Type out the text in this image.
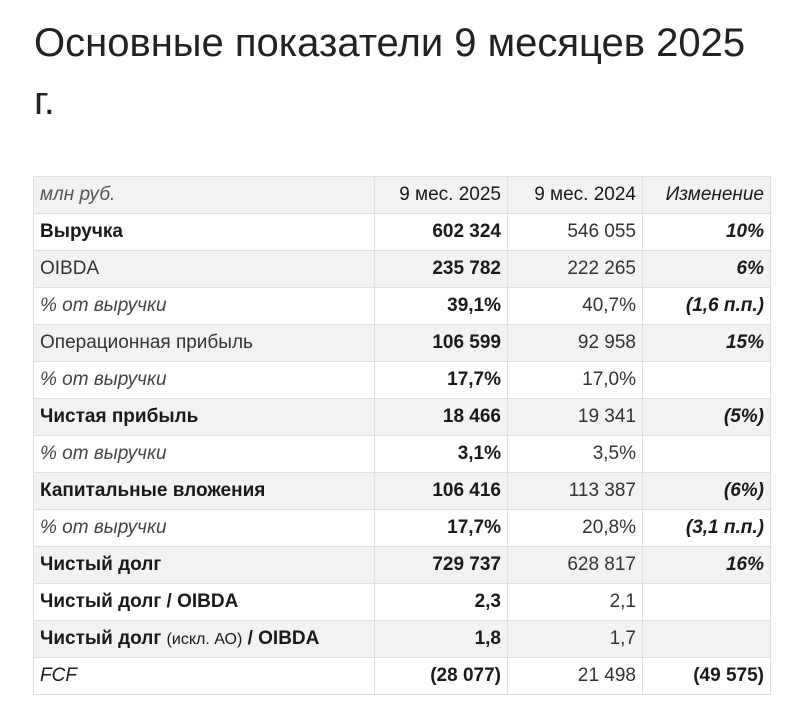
Основные показатели 9 месяцев 2025 г.
млн руб.	9 мес. 2025	9 мес. 2024	Изменение
Выручка	602 324	546 055	10%
OIBDA	235 782	222 265	6%
% от выручки	39,1%	40,7%	(1,6 п.п.)
Операционная прибыль	106 599	92 958	15%
% от выручки	17,7%	17,0%	
Чистая прибыль	18 466	19 341	(5%)
% от выручки	3,1%	3,5%	
Капитальные вложения	106 416	113 387	(6%)
% от выручки	17,7%	20,8%	(3,1 п.п.)
Чистый долг	729 737	628 817	16%
Чистый долг / OIBDA	2,3	2,1	
Чистый долг (искл. АО) / OIBDA	1,8	1,7	
FCF	(28 077)	21 498	(49 575)
